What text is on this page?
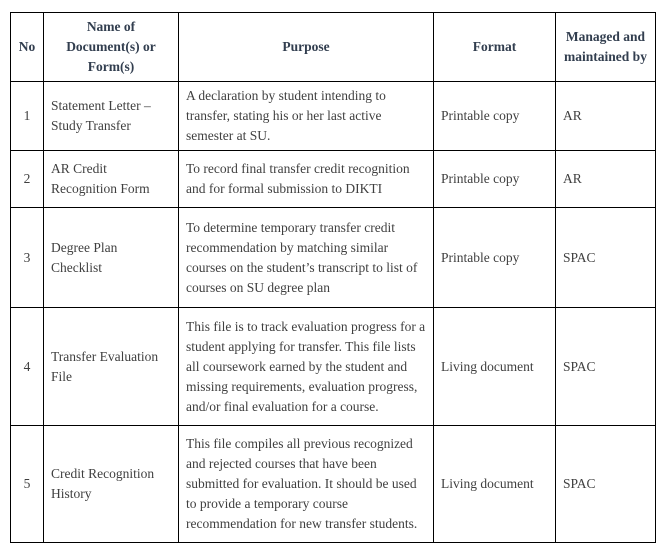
No	Name of Document(s) or Form(s)	Purpose	Format	Managed and maintained by
1	Statement Letter – Study Transfer	A declaration by student intending to transfer, stating his or her last active semester at SU.	Printable copy	AR
2	AR Credit Recognition Form	To record final transfer credit recognition and for formal submission to DIKTI	Printable copy	AR
3	Degree Plan Checklist	To determine temporary transfer credit recommendation by matching similar courses on the student’s transcript to list of courses on SU degree plan	Printable copy	SPAC
4	Transfer Evaluation File	This file is to track evaluation progress for a student applying for transfer. This file lists all coursework earned by the student and missing requirements, evaluation progress, and/or final evaluation for a course.	Living document	SPAC
5	Credit Recognition History	This file compiles all previous recognized and rejected courses that have been submitted for evaluation. It should be used to provide a temporary course recommendation for new transfer students.	Living document	SPAC
